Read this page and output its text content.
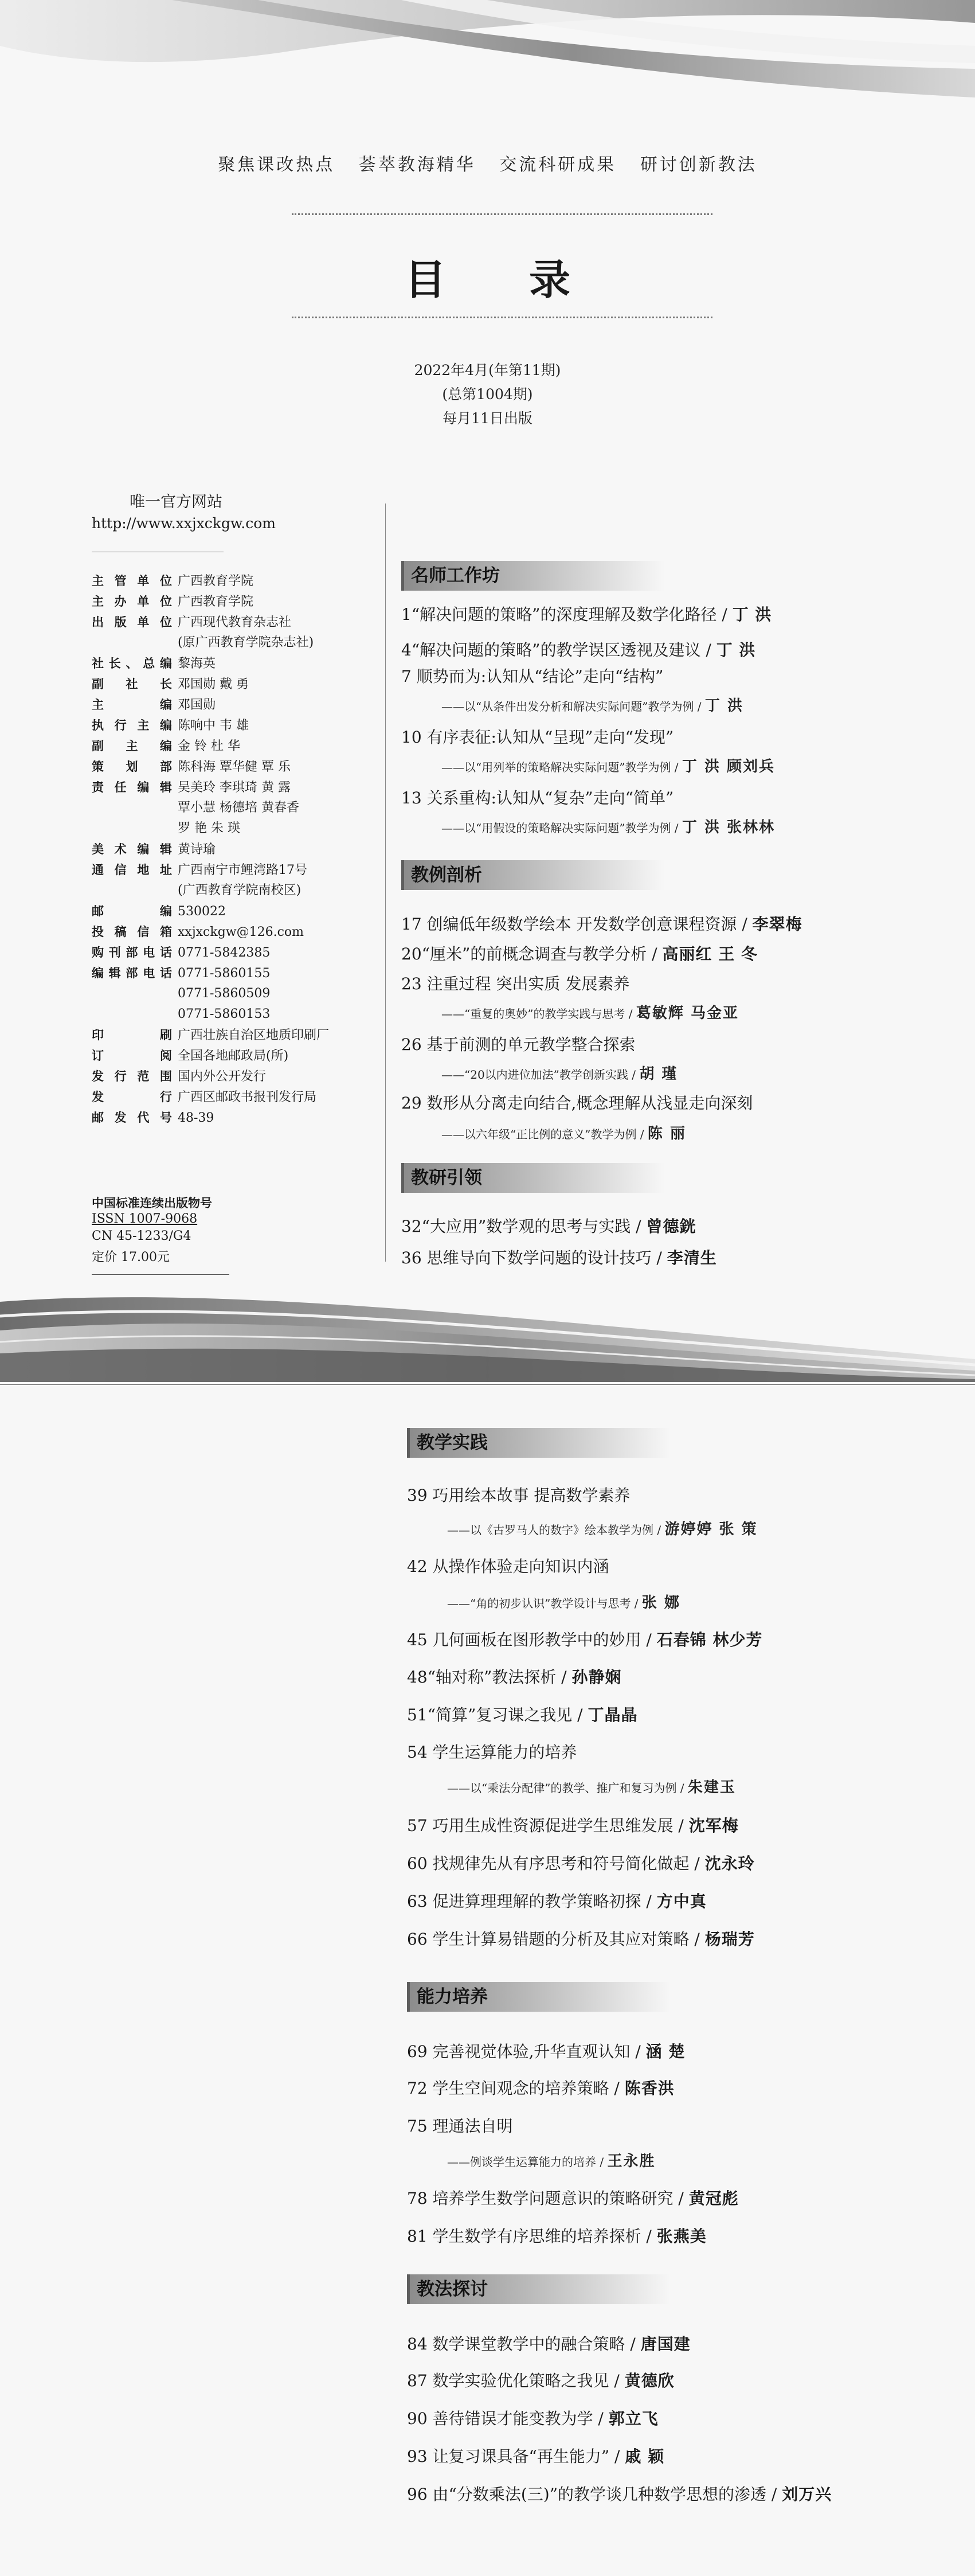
聚焦课改热点 荟萃教海精华 交流科研成果 研讨创新教法
目 录
2022年4月(年第11期)
(总第1004期)
每月11日出版
唯一官方网站
http://www.xxjxckgw.com
主管单位 广西教育学院
主办单位 广西教育学院
出版单位 广西现代教育杂志社
(原广西教育学院杂志社)
社长、总编 黎海英
副社长 邓国勋 戴 勇
主编 邓国勋
执行主编 陈响中 韦 雄
副主编 金 铃 杜 华
策划部 陈科海 覃华健 覃 乐
责任编辑 吴美玲 李琪琦 黄 露
覃小慧 杨德培 黄春香
罗 艳 朱 瑛
美术编辑 黄诗瑜
通信地址 广西南宁市鲤湾路17号
(广西教育学院南校区)
邮编 530022
投稿信箱 xxjxckgw@126.com
购刊部电话 0771-5842385
编辑部电话 0771-5860155
0771-5860509
0771-5860153
印刷 广西壮族自治区地质印刷厂
订阅 全国各地邮政局(所)
发行范围 国内外公开发行
发行 广西区邮政书报刊发行局
邮发代号 48-39
中国标准连续出版物号
ISSN 1007-9068
CN 45-1233/G4
定价 17.00元
名师工作坊
1“解决问题的策略”的深度理解及数学化路径 / 丁 洪
4“解决问题的策略”的教学误区透视及建议 / 丁 洪
7 顺势而为:认知从“结论”走向“结构”
——以“从条件出发分析和解决实际问题”教学为例 / 丁 洪
10 有序表征:认知从“呈现”走向“发现”
——以“用列举的策略解决实际问题”教学为例 / 丁 洪 顾刘兵
13 关系重构:认知从“复杂”走向“简单”
——以“用假设的策略解决实际问题”教学为例 / 丁 洪 张林林
教例剖析
17 创编低年级数学绘本 开发数学创意课程资源 / 李翠梅
20“厘米”的前概念调查与教学分析 / 高丽红 王 冬
23 注重过程 突出实质 发展素养
——“重复的奥妙”的教学实践与思考 / 葛敏辉 马金亚
26 基于前测的单元教学整合探索
——“20以内进位加法”教学创新实践 / 胡 瑾
29 数形从分离走向结合,概念理解从浅显走向深刻
——以六年级“正比例的意义”教学为例 / 陈 丽
教研引领
32“大应用”数学观的思考与实践 / 曾德銧
36 思维导向下数学问题的设计技巧 / 李清生
教学实践
39 巧用绘本故事 提高数学素养
——以《古罗马人的数字》绘本教学为例 / 游婷婷 张 策
42 从操作体验走向知识内涵
——“角的初步认识”教学设计与思考 / 张 娜
45 几何画板在图形教学中的妙用 / 石春锦 林少芳
48“轴对称”教法探析 / 孙静娴
51“简算”复习课之我见 / 丁晶晶
54 学生运算能力的培养
——以“乘法分配律”的教学、推广和复习为例 / 朱建玉
57 巧用生成性资源促进学生思维发展 / 沈军梅
60 找规律先从有序思考和符号简化做起 / 沈永玲
63 促进算理理解的教学策略初探 / 方中真
66 学生计算易错题的分析及其应对策略 / 杨瑞芳
能力培养
69 完善视觉体验,升华直观认知 / 涵 楚
72 学生空间观念的培养策略 / 陈香洪
75 理通法自明
——例谈学生运算能力的培养 / 王永胜
78 培养学生数学问题意识的策略研究 / 黄冠彪
81 学生数学有序思维的培养探析 / 张燕美
教法探讨
84 数学课堂教学中的融合策略 / 唐国建
87 数学实验优化策略之我见 / 黄德欣
90 善待错误才能变教为学 / 郭立飞
93 让复习课具备“再生能力” / 戚 颖
96 由“分数乘法(三)”的教学谈几种数学思想的渗透 / 刘万兴
